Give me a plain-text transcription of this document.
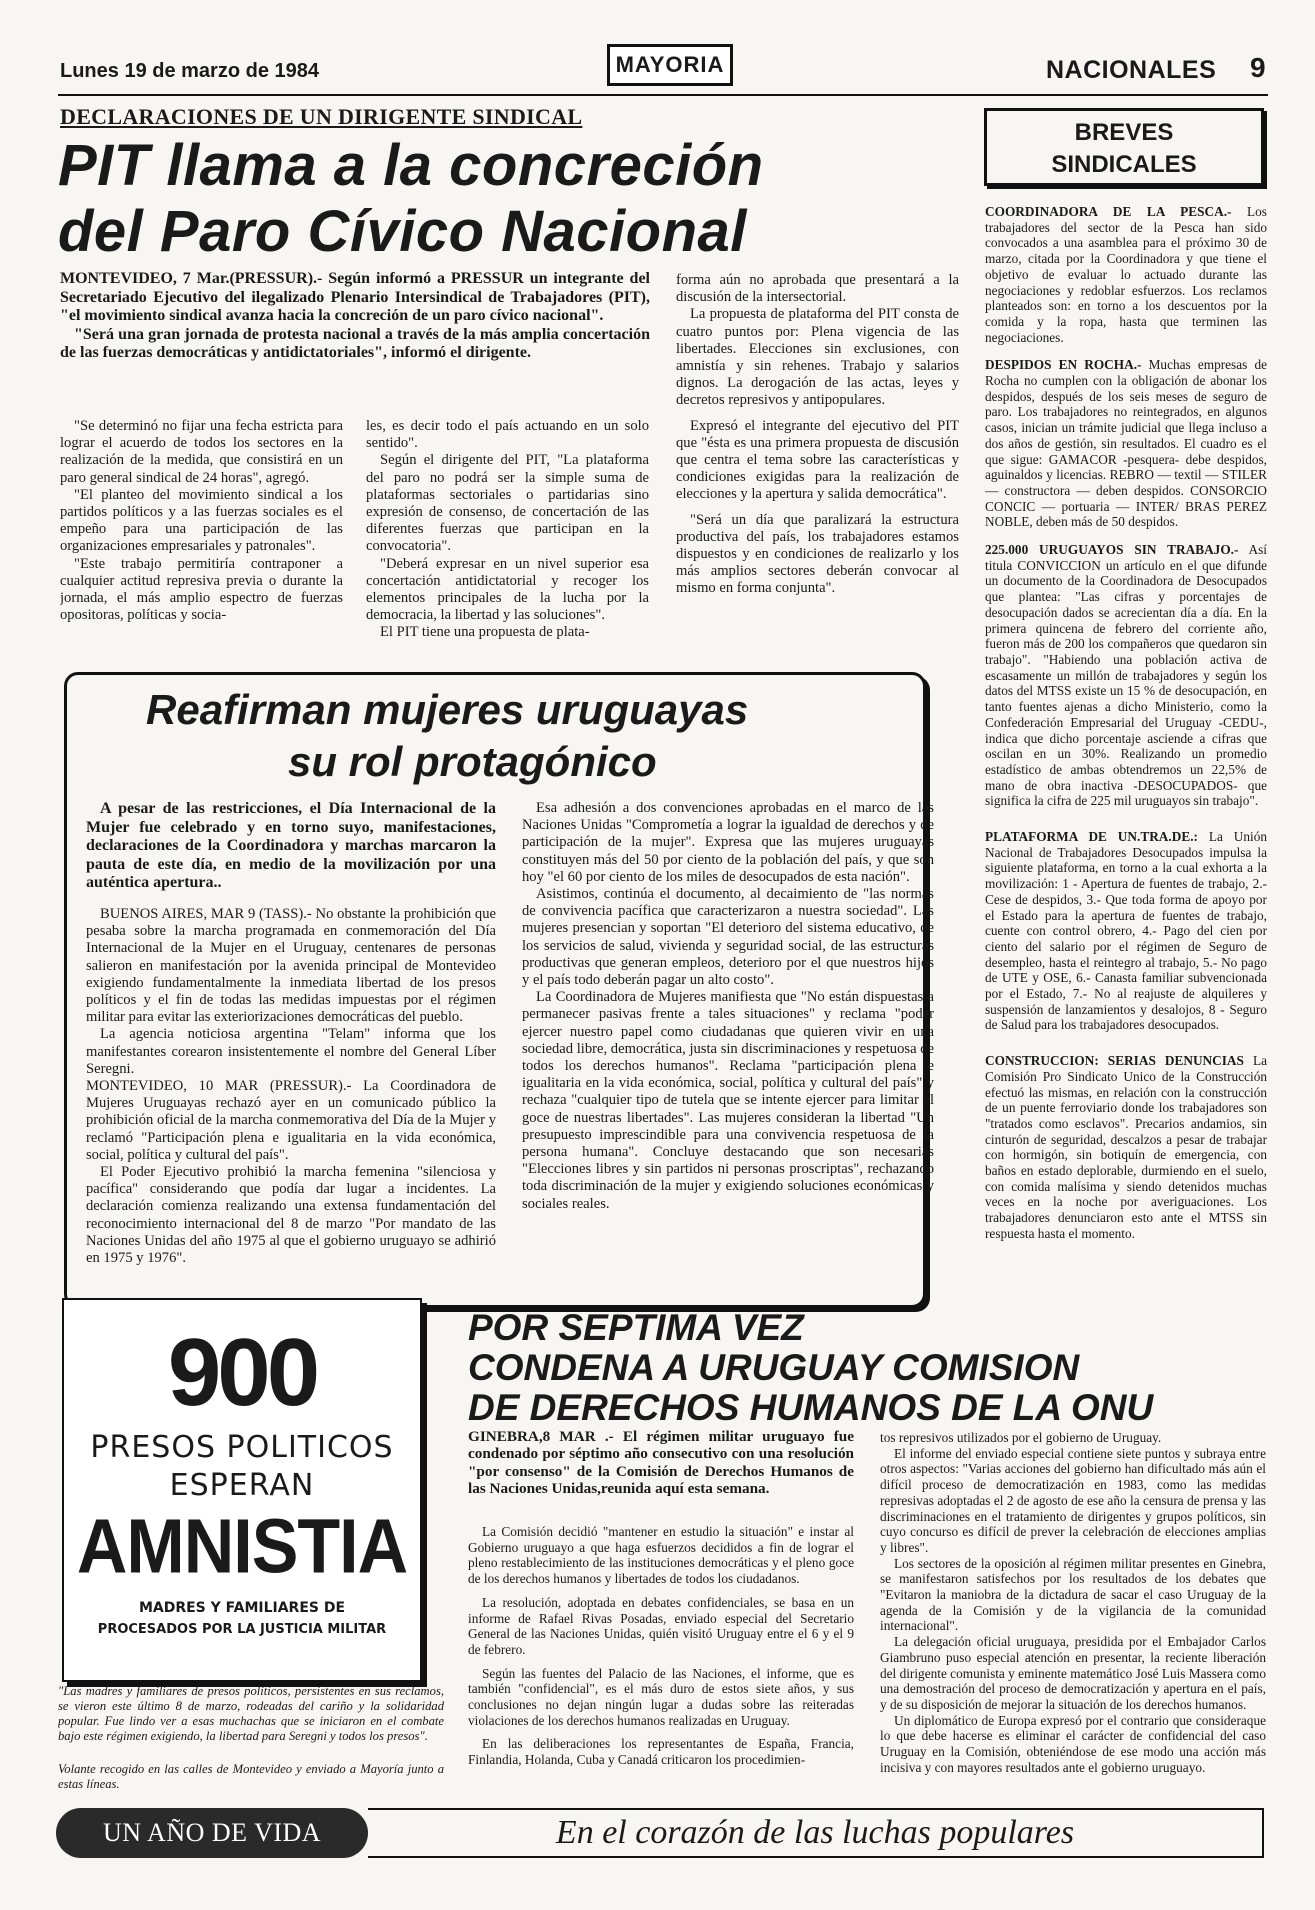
Lunes 19 de marzo de 1984	MAYORIA	NACIONALES 9
DECLARACIONES DE UN DIRIGENTE SINDICAL
PIT llama a la concreción
del Paro Cívico Nacional

MONTEVIDEO, 7 Mar.(PRESSUR).- Según informó a PRESSUR un integrante del Secretariado Ejecutivo del ilegalizado Plenario Intersindical de Trabajadores (PIT), "el movimiento sindical avanza hacia la concreción de un paro cívico nacional".

"Será una gran jornada de protesta nacional a través de la más amplia concertación de las fuerzas democráticas y antidictatoriales", informó el dirigente.

"Se determinó no fijar una fecha estricta para lograr el acuerdo de todos los sectores en la realización de la medida, que consistirá en un paro general sindical de 24 horas", agregó.

"El planteo del movimiento sindical a los partidos políticos y a las fuerzas sociales es el empeño para una participación de las organizaciones empresariales y patronales".

"Este trabajo permitiría contraponer a cualquier actitud represiva previa o durante la jornada, el más amplio espectro de fuerzas opositoras, políticas y socia-

les, es decir todo el país actuando en un solo sentido".

Según el dirigente del PIT, "La plataforma del paro no podrá ser la simple suma de plataformas sectoriales o partidarias sino expresión de consenso, de concertación de las diferentes fuerzas que participan en la convocatoria".

"Deberá expresar en un nivel superior esa concertación antidictatorial y recoger los elementos principales de la lucha por la democracia, la libertad y las soluciones".

El PIT tiene una propuesta de plata-

forma aún no aprobada que presentará a la discusión de la intersectorial.

La propuesta de plataforma del PIT consta de cuatro puntos por: Plena vigencia de las libertades. Elecciones sin exclusiones, con amnistía y sin rehenes. Trabajo y salarios dignos. La derogación de las actas, leyes y decretos represivos y antipopulares.

Expresó el integrante del ejecutivo del PIT que "ésta es una primera propuesta de discusión que centra el tema sobre las características y condiciones exigidas para la realización de elecciones y la apertura y salida democrática".

"Será un día que paralizará la estructura productiva del país, los trabajadores estamos dispuestos y en condiciones de realizarlo y los más amplios sectores deberán convocar al mismo en forma conjunta".

BREVES
SINDICALES

COORDINADORA DE LA PESCA.- Los trabajadores del sector de la Pesca han sido convocados a una asamblea para el próximo 30 de marzo, citada por la Coordinadora y que tiene el objetivo de evaluar lo actuado durante las negociaciones y redoblar esfuerzos. Los reclamos planteados son: en torno a los descuentos por la comida y la ropa, hasta que terminen las negociaciones.

DESPIDOS EN ROCHA.- Muchas empresas de Rocha no cumplen con la obligación de abonar los despidos, después de los seis meses de seguro de paro. Los trabajadores no reintegrados, en algunos casos, inician un trámite judicial que llega incluso a dos años de gestión, sin resultados. El cuadro es el que sigue: GAMACOR -pesquera- debe despidos, aguinaldos y licencias. REBRO — textil — STILER — constructora — deben despidos. CONSORCIO CONCIC — portuaria — INTER/ BRAS PEREZ NOBLE, deben más de 50 despidos.

225.000 URUGUAYOS SIN TRABAJO.- Así titula CONVICCION un artículo en el que difunde un documento de la Coordinadora de Desocupados que plantea: "Las cifras y porcentajes de desocupación dados se acrecientan día a día. En la primera quincena de febrero del corriente año, fueron más de 200 los compañeros que quedaron sin trabajo". "Habiendo una población activa de escasamente un millón de trabajadores y según los datos del MTSS existe un 15 % de desocupación, en tanto fuentes ajenas a dicho Ministerio, como la Confederación Empresarial del Uruguay -CEDU-, indica que dicho porcentaje asciende a cifras que oscilan en un 30%. Realizando un promedio estadístico de ambas obtendremos un 22,5% de mano de obra inactiva -DESOCUPADOS- que significa la cifra de 225 mil uruguayos sin trabajo".

PLATAFORMA DE UN.TRA.DE.: La Unión Nacional de Trabajadores Desocupados impulsa la siguiente plataforma, en torno a la cual exhorta a la movilización: 1 - Apertura de fuentes de trabajo, 2.- Cese de despidos, 3.- Que toda forma de apoyo por el Estado para la apertura de fuentes de trabajo, cuente con control obrero, 4.- Pago del cien por ciento del salario por el régimen de Seguro de desempleo, hasta el reintegro al trabajo, 5.- No pago de UTE y OSE, 6.- Canasta familiar subvencionada por el Estado, 7.- No al reajuste de alquileres y suspensión de lanzamientos y desalojos, 8 - Seguro de Salud para los trabajadores desocupados.

CONSTRUCCION: SERIAS DENUNCIAS La Comisión Pro Sindicato Unico de la Construcción efectuó las mismas, en relación con la construcción de un puente ferroviario donde los trabajadores son "tratados como esclavos". Precarios andamios, sin cinturón de seguridad, descalzos a pesar de trabajar con hormigón, sin botiquín de emergencia, con baños en estado deplorable, durmiendo en el suelo, con comida malísima y siendo detenidos muchas veces en la noche por averiguaciones. Los trabajadores denunciaron esto ante el MTSS sin respuesta hasta el momento.

Reafirman mujeres uruguayas
su rol protagónico
A pesar de las restricciones, el Día Internacional de la Mujer fue celebrado y en torno suyo, manifestaciones, declaraciones de la Coordinadora y marchas marcaron la pauta de este día, en medio de la movilización por una auténtica apertura..

BUENOS AIRES, MAR 9 (TASS).- No obstante la prohibición que pesaba sobre la marcha programada en conmemoración del Día Internacional de la Mujer en el Uruguay, centenares de personas salieron en manifestación por la avenida principal de Montevideo exigiendo fundamentalmente la inmediata libertad de los presos políticos y el fin de todas las medidas impuestas por el régimen militar para evitar las exteriorizaciones democráticas del pueblo.

La agencia noticiosa argentina "Telam" informa que los manifestantes corearon insistentemente el nombre del General Líber Seregni.

MONTEVIDEO, 10 MAR (PRESSUR).- La Coordinadora de Mujeres Uruguayas rechazó ayer en un comunicado público la prohibición oficial de la marcha conmemorativa del Día de la Mujer y reclamó "Participación plena e igualitaria en la vida económica, social, política y cultural del país".

El Poder Ejecutivo prohibió la marcha femenina "silenciosa y pacífica" considerando que podía dar lugar a incidentes. La declaración comienza realizando una extensa fundamentación del reconocimiento internacional del 8 de marzo "Por mandato de las Naciones Unidas del año 1975 al que el gobierno uruguayo se adhirió en 1975 y 1976".

Esa adhesión a dos convenciones aprobadas en el marco de las Naciones Unidas "Comprometía a lograr la igualdad de derechos y de participación de la mujer". Expresa que las mujeres uruguayas constituyen más del 50 por ciento de la población del país, y que son hoy "el 60 por ciento de los miles de desocupados de esta nación".

Asistimos, continúa el documento, al decaimiento de "las normas de convivencia pacífica que caracterizaron a nuestra sociedad". Las mujeres presencian y soportan "El deterioro del sistema educativo, de los servicios de salud, vivienda y seguridad social, de las estructuras productivas que generan empleos, deterioro por el que nuestros hijos y el país todo deberán pagar un alto costo".

La Coordinadora de Mujeres manifiesta que "No están dispuestas a permanecer pasivas frente a tales situaciones" y reclama "poder ejercer nuestro papel como ciudadanas que quieren vivir en una sociedad libre, democrática, justa sin discriminaciones y respetuosa de todos los derechos humanos". Reclama "participación plena e igualitaria en la vida económica, social, política y cultural del país" y rechaza "cualquier tipo de tutela que se intente ejercer para limitar el goce de nuestras libertades". Las mujeres consideran la libertad "Un presupuesto imprescindible para una convivencia respetuosa de la persona humana". Concluye destacando que son necesarias "Elecciones libres y sin partidos ni personas proscriptas", rechazando toda discriminación de la mujer y exigiendo soluciones económicas y sociales reales.

900
PRESOS POLITICOS
ESPERAN
AMNISTIA
MADRES Y FAMILIARES DE
PROCESADOS POR LA JUSTICIA MILITAR
"Las madres y familiares de presos políticos, persistentes en sus reclamos, se vieron este último 8 de marzo, rodeadas del cariño y la solidaridad popular. Fue lindo ver a esas muchachas que se iniciaron en el combate bajo este régimen exigiendo, la libertad para Seregni y todos los presos".
Volante recogido en las calles de Montevideo y enviado a Mayoría junto a estas líneas.
POR SEPTIMA VEZ
CONDENA A URUGUAY COMISION
DE DERECHOS HUMANOS DE LA ONU
GINEBRA,8 MAR .- El régimen militar uruguayo fue condenado por séptimo año consecutivo con una resolución "por consenso" de la Comisión de Derechos Humanos de las Naciones Unidas,reunida aquí esta semana.

La Comisión decidió "mantener en estudio la situación" e instar al Gobierno uruguayo a que haga esfuerzos decididos a fin de lograr el pleno restablecimiento de las instituciones democráticas y el pleno goce de los derechos humanos y libertades de todos los ciudadanos.

La resolución, adoptada en debates confidenciales, se basa en un informe de Rafael Rivas Posadas, enviado especial del Secretario General de las Naciones Unidas, quién visitó Uruguay entre el 6 y el 9 de febrero.

Según las fuentes del Palacio de las Naciones, el informe, que es también "confidencial", es el más duro de estos siete años, y sus conclusiones no dejan ningún lugar a dudas sobre las reiteradas violaciones de los derechos humanos realizadas en Uruguay.

En las deliberaciones los representantes de España, Francia, Finlandia, Holanda, Cuba y Canadá criticaron los procedimien-

tos represivos utilizados por el gobierno de Uruguay.

El informe del enviado especial contiene siete puntos y subraya entre otros aspectos: "Varias acciones del gobierno han dificultado más aún el difícil proceso de democratización en 1983, como las medidas represivas adoptadas el 2 de agosto de ese año la censura de prensa y las discriminaciones en el tratamiento de dirigentes y grupos políticos, sin cuyo concurso es difícil de prever la celebración de elecciones amplias y libres".

Los sectores de la oposición al régimen militar presentes en Ginebra, se manifestaron satisfechos por los resultados de los debates que "Evitaron la maniobra de la dictadura de sacar el caso Uruguay de la agenda de la Comisión y de la vigilancia de la comunidad internacional".

La delegación oficial uruguaya, presidida por el Embajador Carlos Giambruno puso especial atención en presentar, la reciente liberación del dirigente comunista y eminente matemático José Luis Massera como una demostración del proceso de democratización y apertura en el país, y de su disposición de mejorar la situación de los derechos humanos.

Un diplomático de Europa expresó por el contrario que consideraque lo que debe hacerse es eliminar el carácter de confidencial del caso Uruguay en la Comisión, obteniéndose de ese modo una acción más incisiva y con mayores resultados ante el gobierno uruguayo.

UN AÑO DE VIDA	En el corazón de las luchas populares
